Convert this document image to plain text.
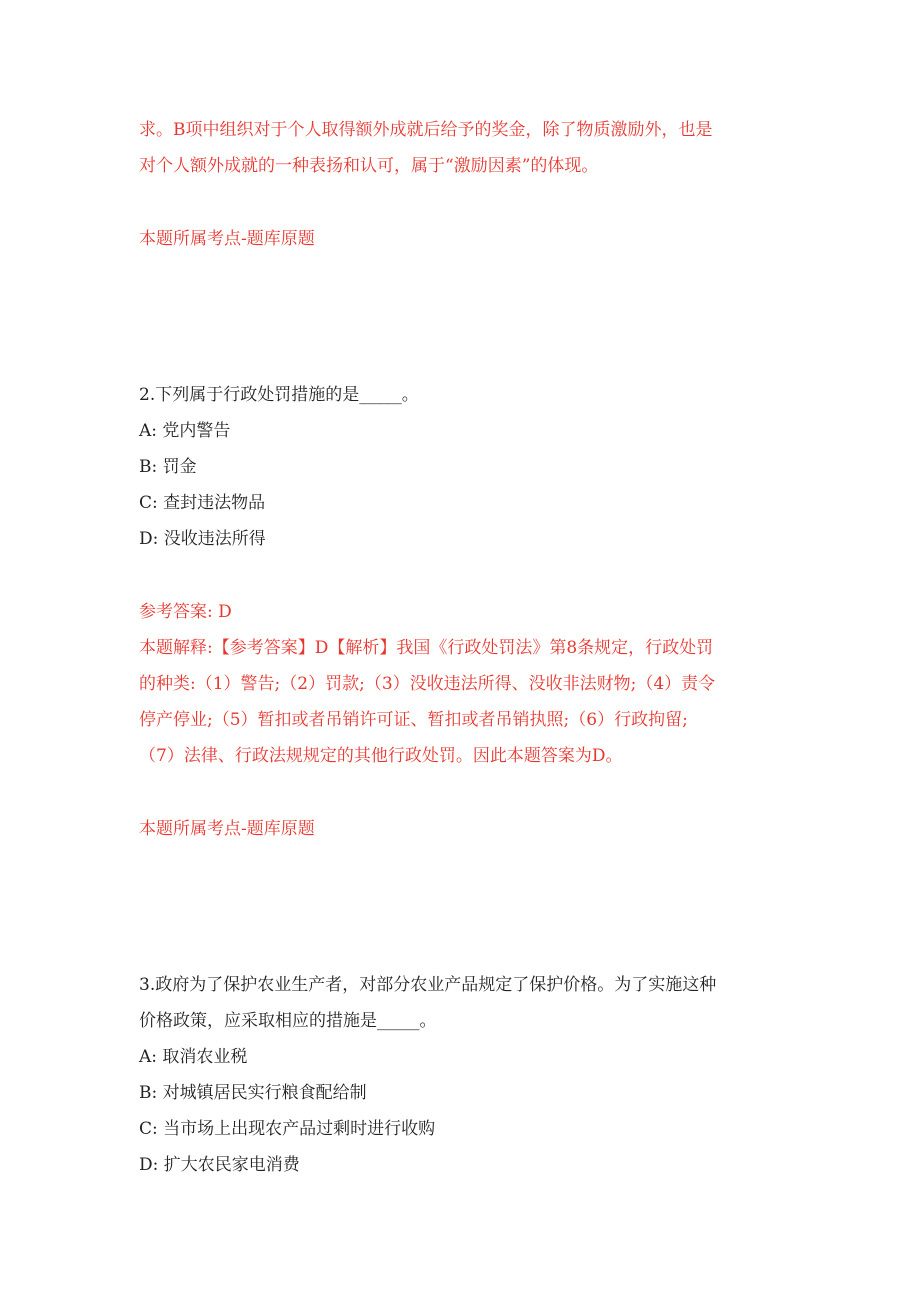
求。B项中组织对于个人取得额外成就后给予的奖金，除了物质激励外，也是
对个人额外成就的一种表扬和认可，属于“激励因素”的体现。
本题所属考点-题库原题
2.下列属于行政处罚措施的是_____。
A: 党内警告
B: 罚金
C: 查封违法物品
D: 没收违法所得
参考答案: D
本题解释:【参考答案】D【解析】我国《行政处罚法》第8条规定，行政处罚
的种类:（1）警告;（2）罚款;（3）没收违法所得、没收非法财物;（4）责令
停产停业;（5）暂扣或者吊销许可证、暂扣或者吊销执照;（6）行政拘留;
（7）法律、行政法规规定的其他行政处罚。因此本题答案为D。
本题所属考点-题库原题
3.政府为了保护农业生产者，对部分农业产品规定了保护价格。为了实施这种
价格政策，应采取相应的措施是_____。
A: 取消农业税
B: 对城镇居民实行粮食配给制
C: 当市场上出现农产品过剩时进行收购
D: 扩大农民家电消费
